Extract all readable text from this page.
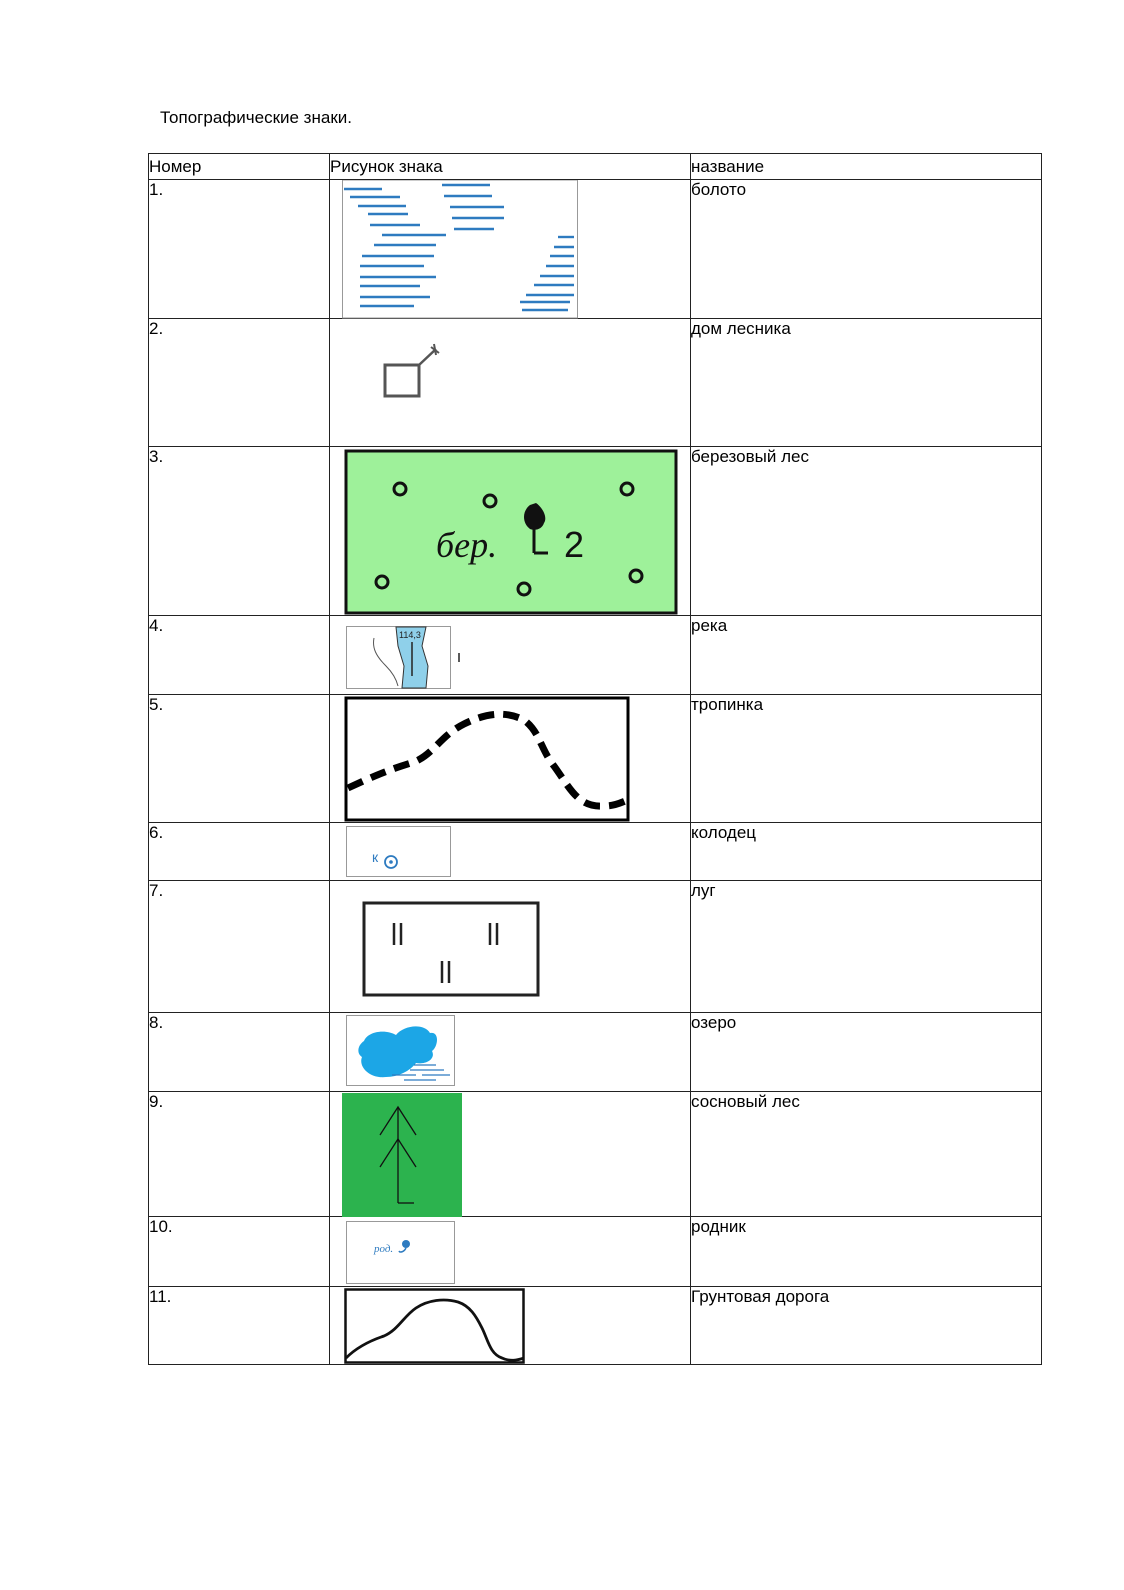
Топографические знаки.
Номер	Рисунок знака	название
1.		болото
2.		дом лесника
3.	бер. 2	березовый лес
4.	114,3	река
5.		тропинка
6.	к	колодец
7.		луг
8.		озеро
9.		сосновый лес
10.	род.	родник
11.		Грунтовая дорога
